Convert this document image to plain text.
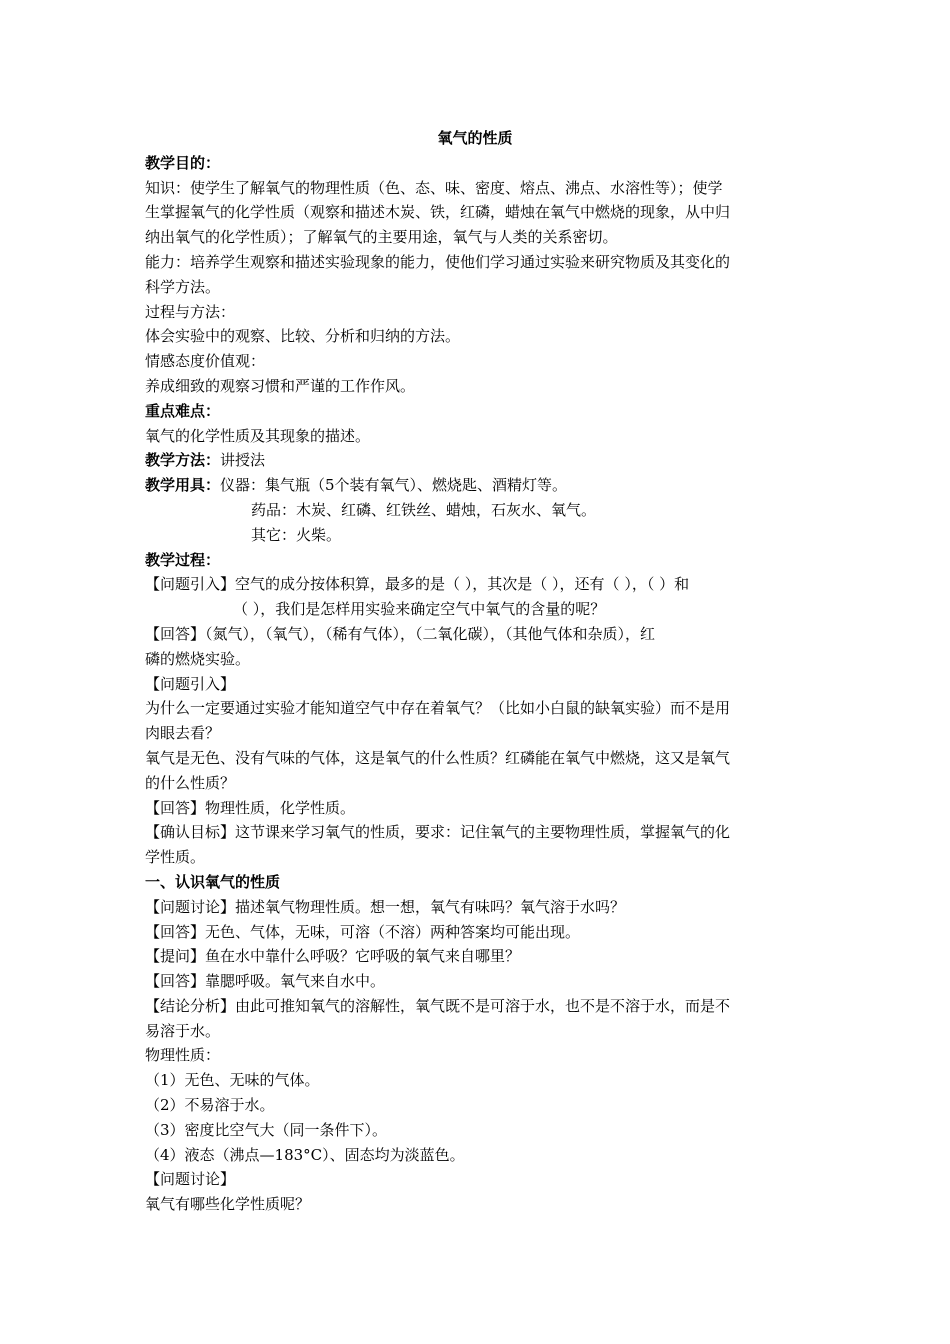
氧气的性质
教学目的：
知识：使学生了解氧气的物理性质（色、态、味、密度、熔点、沸点、水溶性等）；使学
生掌握氧气的化学性质（观察和描述木炭、铁，红磷，蜡烛在氧气中燃烧的现象，从中归
纳出氧气的化学性质）；了解氧气的主要用途，氧气与人类的关系密切。
能力：培养学生观察和描述实验现象的能力，使他们学习通过实验来研究物质及其变化的
科学方法。
过程与方法：
体会实验中的观察、比较、分析和归纳的方法。
情感态度价值观：
养成细致的观察习惯和严谨的工作作风。
重点难点：
氧气的化学性质及其现象的描述。
教学方法：讲授法
教学用具：仪器：集气瓶（5个装有氧气）、燃烧匙、酒精灯等。
药品：木炭、红磷、红铁丝、蜡烛，石灰水、氧气。
其它：火柴。
教学过程：
【问题引入】空气的成分按体积算，最多的是（ ），其次是（ ），还有（ ），（ ）和
（ ），我们是怎样用实验来确定空气中氧气的含量的呢？
【回答】（氮气），（氧气），（稀有气体），（二氧化碳），（其他气体和杂质），红
磷的燃烧实验。
【问题引入】
为什么一定要通过实验才能知道空气中存在着氧气？（比如小白鼠的缺氧实验）而不是用
肉眼去看？
氧气是无色、没有气味的气体，这是氧气的什么性质？红磷能在氧气中燃烧，这又是氧气
的什么性质？
【回答】物理性质，化学性质。
【确认目标】这节课来学习氧气的性质，要求：记住氧气的主要物理性质，掌握氧气的化
学性质。
一、认识氧气的性质
【问题讨论】描述氧气物理性质。想一想，氧气有味吗？氧气溶于水吗？
【回答】无色、气体，无味，可溶（不溶）两种答案均可能出现。
【提问】鱼在水中靠什么呼吸？它呼吸的氧气来自哪里？
【回答】靠腮呼吸。氧气来自水中。
【结论分析】由此可推知氧气的溶解性，氧气既不是可溶于水，也不是不溶于水，而是不
易溶于水。
物理性质：
（1）无色、无味的气体。
（2）不易溶于水。
（3）密度比空气大（同一条件下）。
（4）液态（沸点—183°C）、固态均为淡蓝色。
【问题讨论】
氧气有哪些化学性质呢？
